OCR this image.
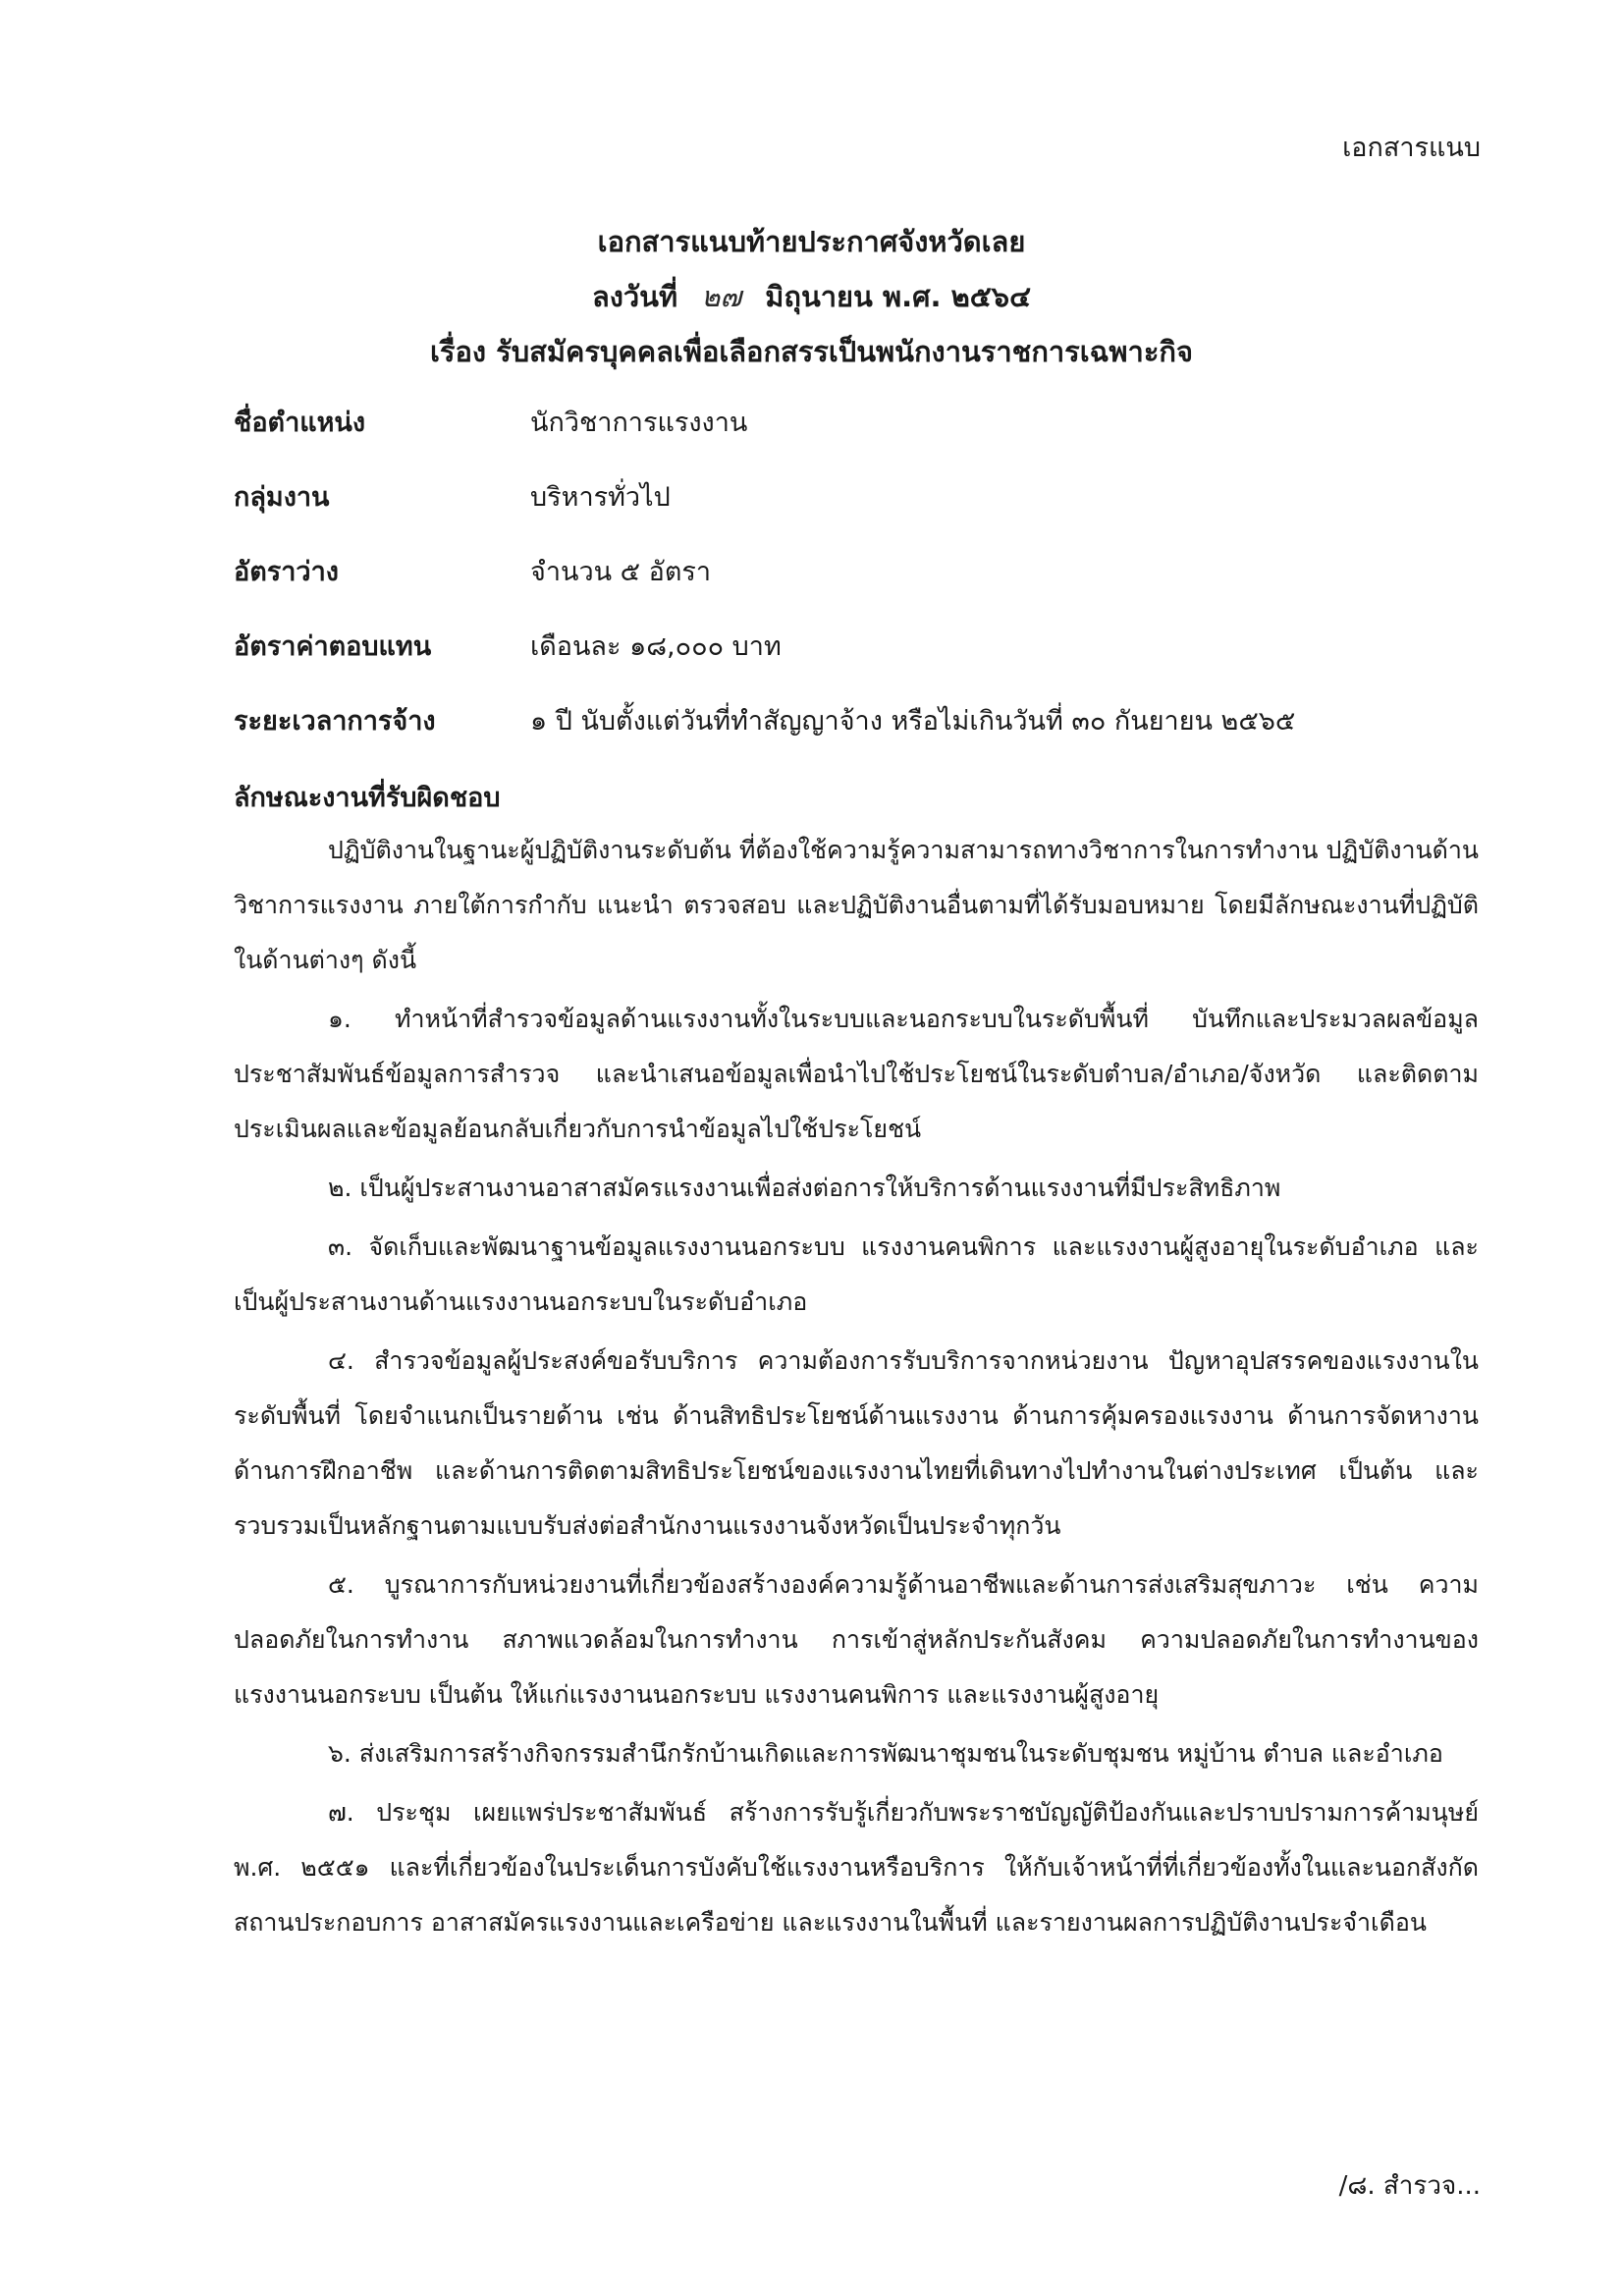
เอกสารแนบ
เอกสารแนบท้ายประกาศจังหวัดเลย
ลงวันที่ ๒๗ มิถุนายน พ.ศ. ๒๕๖๔
เรื่อง รับสมัครบุคคลเพื่อเลือกสรรเป็นพนักงานราชการเฉพาะกิจ
ชื่อตำแหน่ง	นักวิชาการแรงงาน
กลุ่มงาน	บริหารทั่วไป
อัตราว่าง	จำนวน ๕ อัตรา
อัตราค่าตอบแทน	เดือนละ ๑๘,๐๐๐ บาท
ระยะเวลาการจ้าง	๑ ปี นับตั้งแต่วันที่ทำสัญญาจ้าง หรือไม่เกินวันที่ ๓๐ กันยายน ๒๕๖๕
ลักษณะงานที่รับผิดชอบ

ปฏิบัติงานในฐานะผู้ปฏิบัติงานระดับต้น ที่ต้องใช้ความรู้ความสามารถทางวิชาการในการทำงาน ปฏิบัติงานด้านวิชาการแรงงาน ภายใต้การกำกับ แนะนำ ตรวจสอบ และปฏิบัติงานอื่นตามที่ได้รับมอบหมาย โดยมีลักษณะงานที่ปฏิบัติในด้านต่างๆ ดังนี้

๑. ทำหน้าที่สำรวจข้อมูลด้านแรงงานทั้งในระบบและนอกระบบในระดับพื้นที่ บันทึกและประมวลผลข้อมูล ประชาสัมพันธ์ข้อมูลการสำรวจ และนำเสนอข้อมูลเพื่อนำไปใช้ประโยชน์ในระดับตำบล/อำเภอ/จังหวัด และติดตามประเมินผลและข้อมูลย้อนกลับเกี่ยวกับการนำข้อมูลไปใช้ประโยชน์

๒. เป็นผู้ประสานงานอาสาสมัครแรงงานเพื่อส่งต่อการให้บริการด้านแรงงานที่มีประสิทธิภาพ

๓. จัดเก็บและพัฒนาฐานข้อมูลแรงงานนอกระบบ แรงงานคนพิการ และแรงงานผู้สูงอายุในระดับอำเภอ และเป็นผู้ประสานงานด้านแรงงานนอกระบบในระดับอำเภอ

๔. สำรวจข้อมูลผู้ประสงค์ขอรับบริการ ความต้องการรับบริการจากหน่วยงาน ปัญหาอุปสรรคของแรงงานในระดับพื้นที่ โดยจำแนกเป็นรายด้าน เช่น ด้านสิทธิประโยชน์ด้านแรงงาน ด้านการคุ้มครองแรงงาน ด้านการจัดหางาน ด้านการฝึกอาชีพ และด้านการติดตามสิทธิประโยชน์ของแรงงานไทยที่เดินทางไปทำงานในต่างประเทศ เป็นต้น และรวบรวมเป็นหลักฐานตามแบบรับส่งต่อสำนักงานแรงงานจังหวัดเป็นประจำทุกวัน

๕. บูรณาการกับหน่วยงานที่เกี่ยวข้องสร้างองค์ความรู้ด้านอาชีพและด้านการส่งเสริมสุขภาวะ เช่น ความปลอดภัยในการทำงาน สภาพแวดล้อมในการทำงาน การเข้าสู่หลักประกันสังคม ความปลอดภัยในการทำงานของแรงงานนอกระบบ เป็นต้น ให้แก่แรงงานนอกระบบ แรงงานคนพิการ และแรงงานผู้สูงอายุ

๖. ส่งเสริมการสร้างกิจกรรมสำนึกรักบ้านเกิดและการพัฒนาชุมชนในระดับชุมชน หมู่บ้าน ตำบล และอำเภอ

๗. ประชุม เผยแพร่ประชาสัมพันธ์ สร้างการรับรู้เกี่ยวกับพระราชบัญญัติป้องกันและปราบปรามการค้ามนุษย์ พ.ศ. ๒๕๕๑ และที่เกี่ยวข้องในประเด็นการบังคับใช้แรงงานหรือบริการ ให้กับเจ้าหน้าที่ที่เกี่ยวข้องทั้งในและนอกสังกัด สถานประกอบการ อาสาสมัครแรงงานและเครือข่าย และแรงงานในพื้นที่ และรายงานผลการปฏิบัติงานประจำเดือน

/๘. สำรวจ...
